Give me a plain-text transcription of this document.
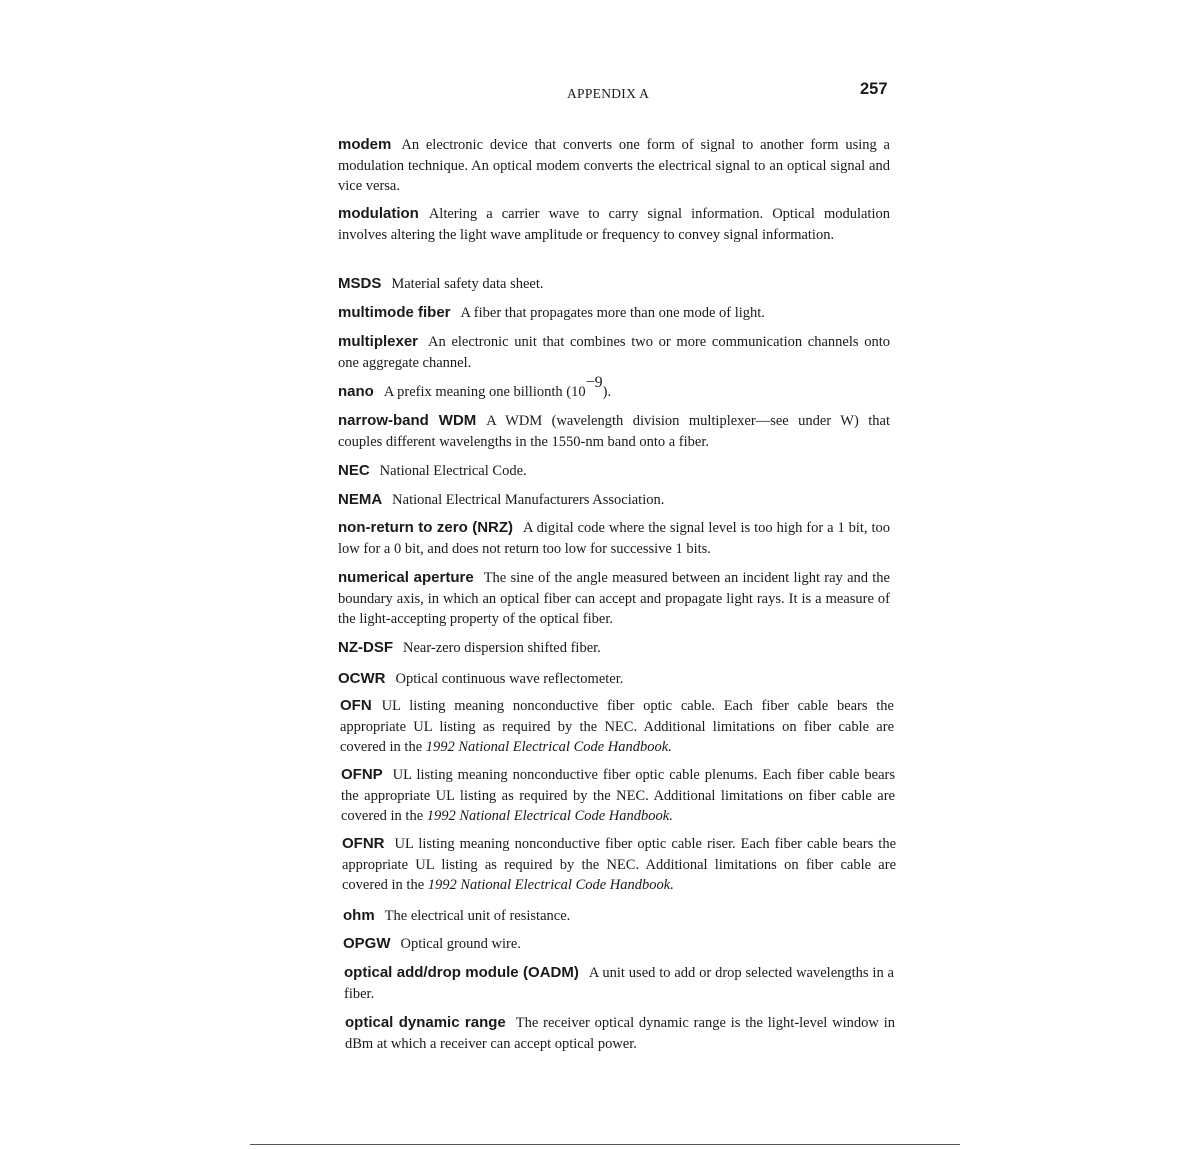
APPENDIX A	257
modem An electronic device that converts one form of signal to another form using a modulation technique. An optical modem converts the electrical signal to an optical signal and vice versa.
modulation Altering a carrier wave to carry signal information. Optical modulation involves altering the light wave amplitude or frequency to convey signal information.
MSDS Material safety data sheet.
multimode fiber A fiber that propagates more than one mode of light.
multiplexer An electronic unit that combines two or more communication channels onto one aggregate channel.
nano A prefix meaning one billionth $(10^{-9})$.
narrow-band WDM A WDM (wavelength division multiplexer—see under W) that couples different wavelengths in the 1550-nm band onto a fiber.
NEC National Electrical Code.
NEMA National Electrical Manufacturers Association.
non-return to zero (NRZ) A digital code where the signal level is too high for a 1 bit, too low for a 0 bit, and does not return too low for successive 1 bits.
numerical aperture The sine of the angle measured between an incident light ray and the boundary axis, in which an optical fiber can accept and propagate light rays. It is a measure of the light-accepting property of the optical fiber.
NZ-DSF Near-zero dispersion shifted fiber.
OCWR Optical continuous wave reflectometer.
OFN UL listing meaning nonconductive fiber optic cable. Each fiber cable bears the appropriate UL listing as required by the NEC. Additional limitations on fiber cable are covered in the 1992 National Electrical Code Handbook.
OFNP UL listing meaning nonconductive fiber optic cable plenums. Each fiber cable bears the appropriate UL listing as required by the NEC. Additional limitations on fiber cable are covered in the 1992 National Electrical Code Handbook.
OFNR UL listing meaning nonconductive fiber optic cable riser. Each fiber cable bears the appropriate UL listing as required by the NEC. Additional limitations on fiber cable are covered in the 1992 National Electrical Code Handbook.
ohm The electrical unit of resistance.
OPGW Optical ground wire.
optical add/drop module (OADM) A unit used to add or drop selected wavelengths in a fiber.
optical dynamic range The receiver optical dynamic range is the light-level window in dBm at which a receiver can accept optical power.
